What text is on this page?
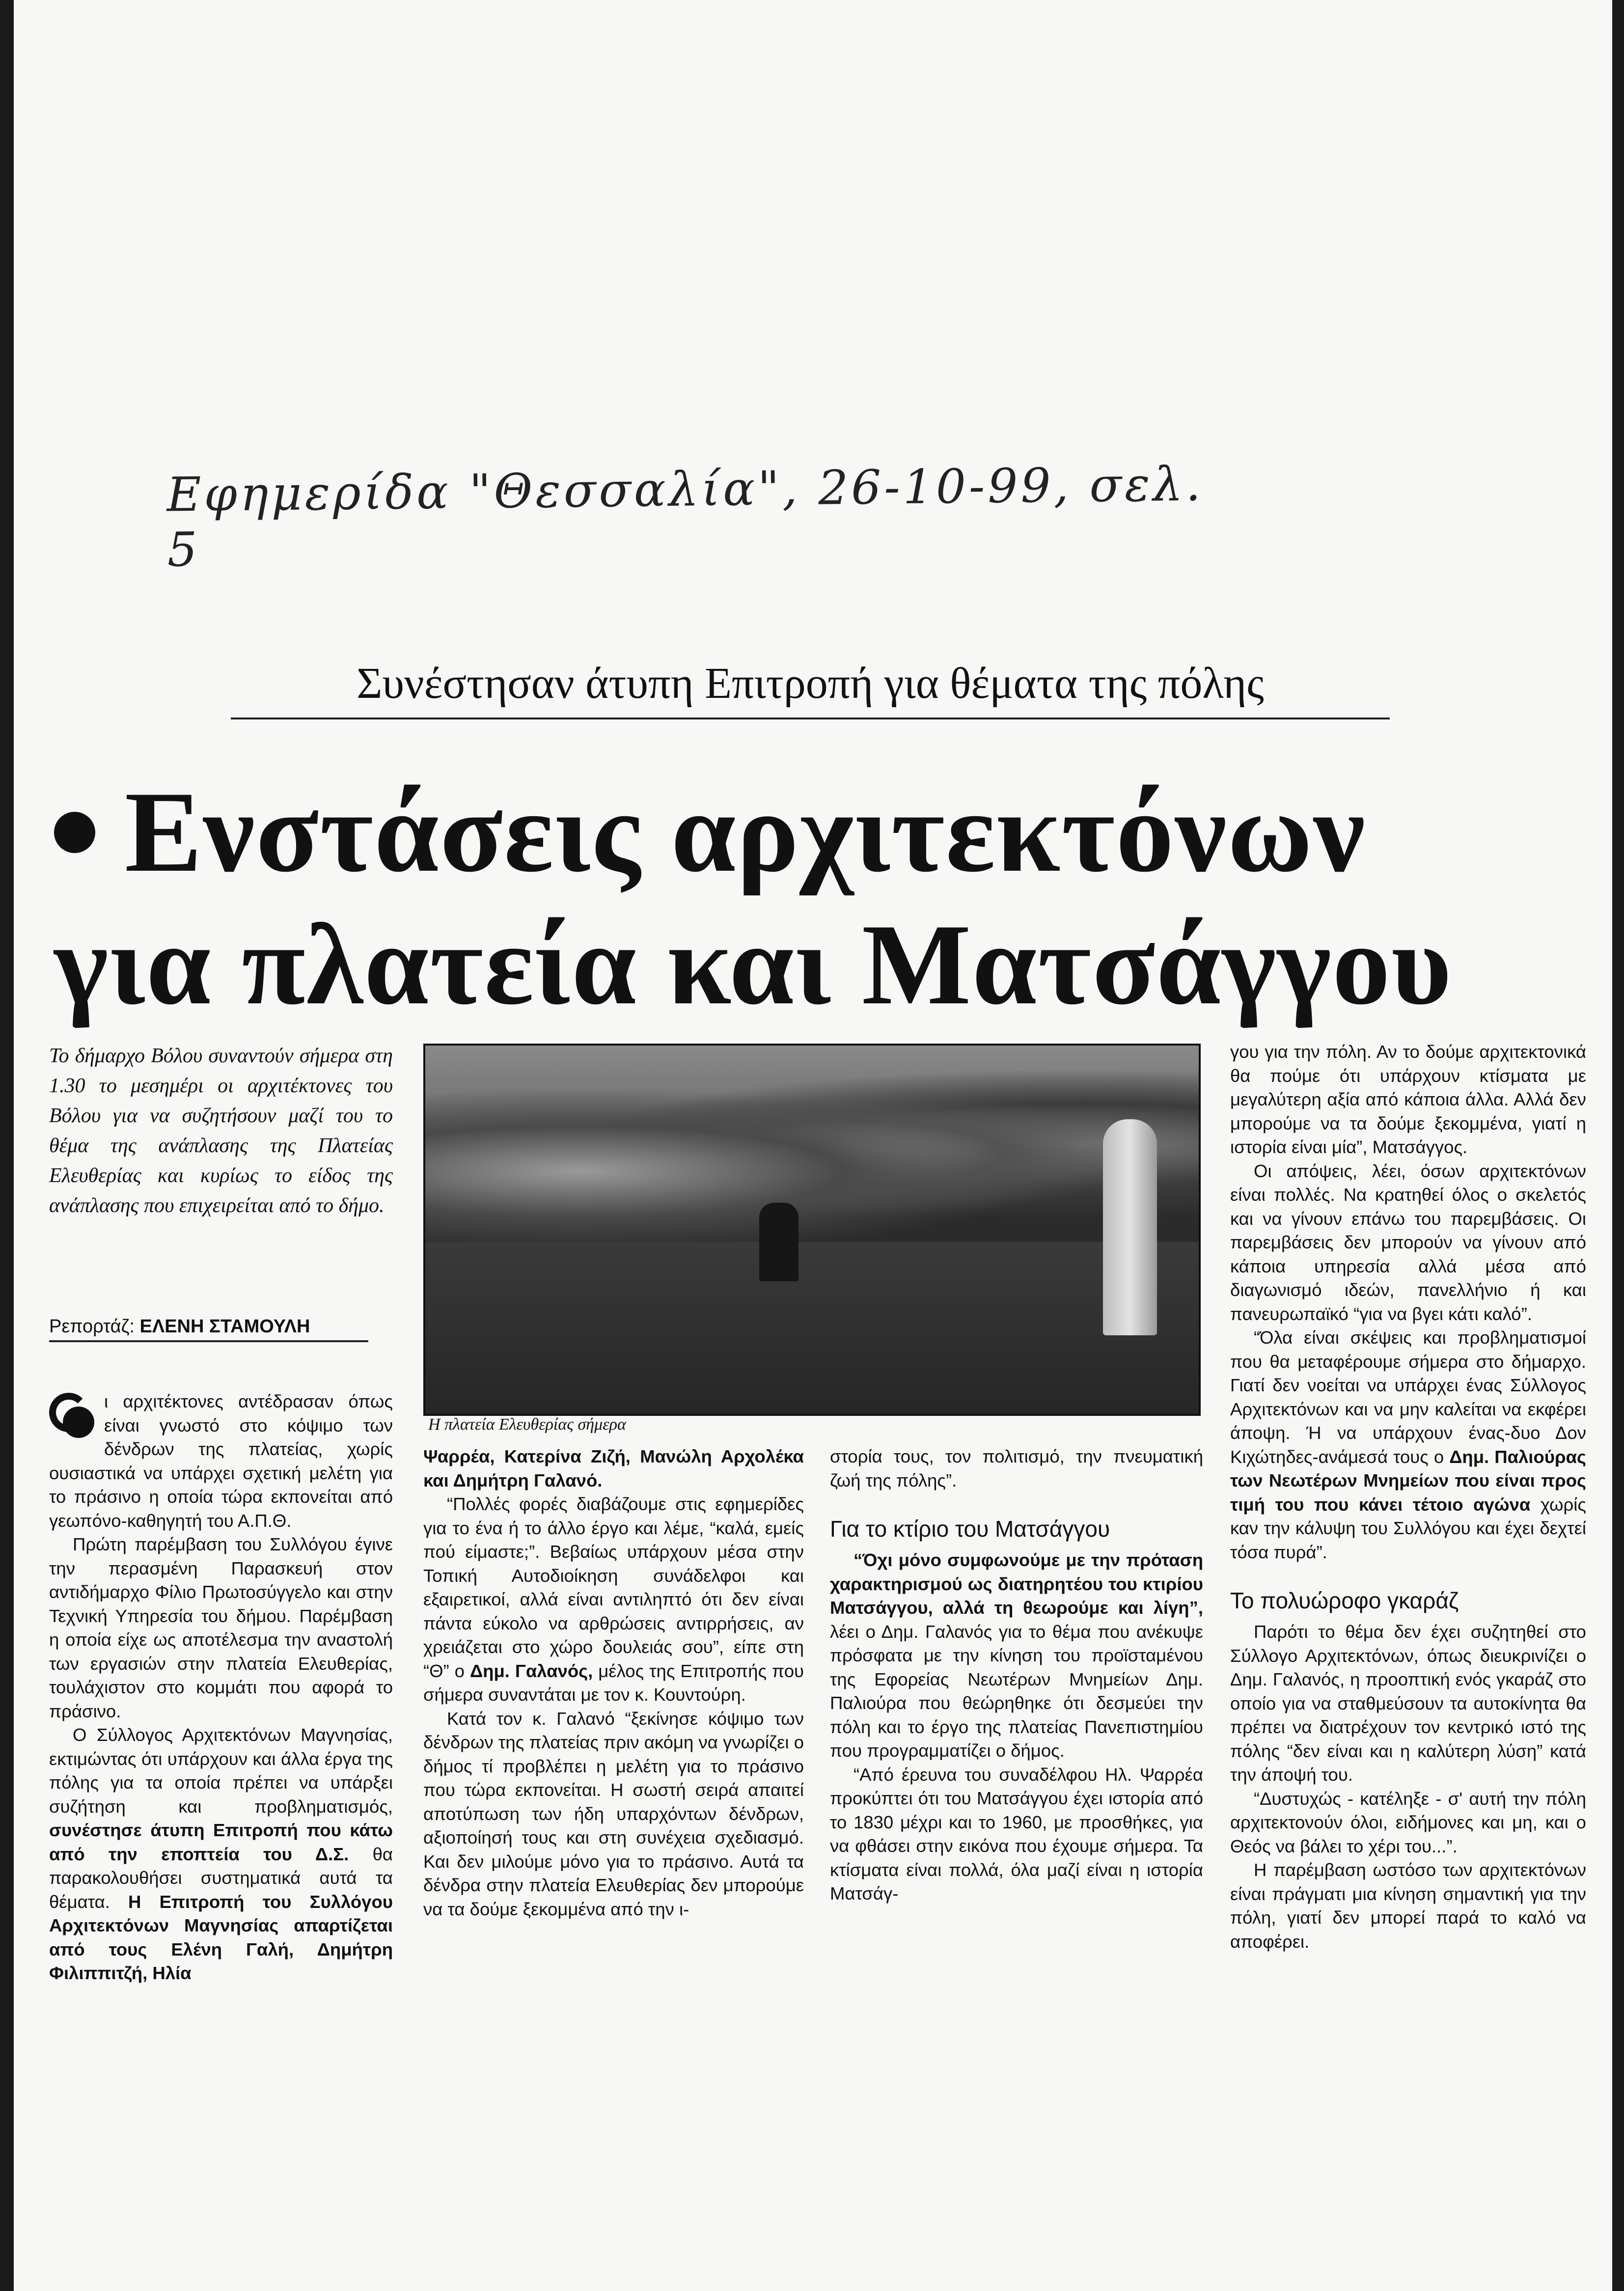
Εφημερίδα "Θεσσαλία", 26-10-99, σελ. 5
Συνέστησαν άτυπη Επιτροπή για θέματα της πόλης
Ενστάσεις αρχιτεκτόνων
για πλατεία και Ματσάγγου
Το δήμαρχο Βόλου συναντούν σήμερα στη 1.30 το μεσημέρι οι αρχιτέκτονες του Βόλου για να συζητήσουν μαζί του το θέμα της ανάπλασης της Πλατείας Ελευθερίας και κυρίως το είδος της ανάπλασης που επιχειρείται από το δήμο.
Ρεπορτάζ: ΕΛΕΝΗ ΣΤΑΜΟΥΛΗ
Η πλατεία Ελευθερίας σήμερα

ι αρχιτέκτονες αντέδρασαν όπως είναι γνωστό στο κόψιμο των δένδρων της πλατείας, χωρίς ουσιαστικά να υπάρχει σχετική μελέτη για το πράσινο η οποία τώρα εκπονείται από γεωπόνο-καθηγητή του Α.Π.Θ.

Πρώτη παρέμβαση του Συλλόγου έγινε την περασμένη Παρασκευή στον αντιδήμαρχο Φίλιο Πρωτοσύγγελο και στην Τεχνική Υπηρεσία του δήμου. Παρέμβαση η οποία είχε ως αποτέλεσμα την αναστολή των εργασιών στην πλατεία Ελευθερίας, τουλάχιστον στο κομμάτι που αφορά το πράσινο.

Ο Σύλλογος Αρχιτεκτόνων Μαγνησίας, εκτιμώντας ότι υπάρχουν και άλλα έργα της πόλης για τα οποία πρέπει να υπάρξει συζήτηση και προβληματισμός, συνέστησε άτυπη Επιτροπή που κάτω από την εποπτεία του Δ.Σ. θα παρακολουθήσει συστηματικά αυτά τα θέματα. Η Επιτροπή του Συλλόγου Αρχιτεκτόνων Μαγνησίας απαρτίζεται από τους Ελένη Γαλή, Δημήτρη Φιλιππιτζή, Ηλία

Ψαρρέα, Κατερίνα Ζιζή, Μανώλη Αρχολέκα και Δημήτρη Γαλανό.

“Πολλές φορές διαβάζουμε στις εφημερίδες για το ένα ή το άλλο έργο και λέμε, “καλά, εμείς πού είμαστε;”. Βεβαίως υπάρχουν μέσα στην Τοπική Αυτοδιοίκηση συνάδελφοι και εξαιρετικοί, αλλά είναι αντιληπτό ότι δεν είναι πάντα εύκολο να αρθρώσεις αντιρρήσεις, αν χρειάζεται στο χώρο δουλειάς σου”, είπε στη “Θ” ο Δημ. Γαλανός, μέλος της Επιτροπής που σήμερα συναντάται με τον κ. Κουντούρη.

Κατά τον κ. Γαλανό “ξεκίνησε κόψιμο των δένδρων της πλατείας πριν ακόμη να γνωρίζει ο δήμος τί προβλέπει η μελέτη για το πράσινο που τώρα εκπονείται. Η σωστή σειρά απαιτεί αποτύπωση των ήδη υπαρχόντων δένδρων, αξιοποίησή τους και στη συνέχεια σχεδιασμό. Και δεν μιλούμε μόνο για το πράσινο. Αυτά τα δένδρα στην πλατεία Ελευθερίας δεν μπορούμε να τα δούμε ξεκομμένα από την ι-

στορία τους, τον πολιτισμό, την πνευματική ζωή της πόλης”.

Για το κτίριο του Ματσάγγου

“Όχι μόνο συμφωνούμε με την πρόταση χαρακτηρισμού ως διατηρητέου του κτιρίου Ματσάγγου, αλλά τη θεωρούμε και λίγη”, λέει ο Δημ. Γαλανός για το θέμα που ανέκυψε πρόσφατα με την κίνηση του προϊσταμένου της Εφορείας Νεωτέρων Μνημείων Δημ. Παλιούρα που θεώρηθηκε ότι δεσμεύει την πόλη και το έργο της πλατείας Πανεπιστημίου που προγραμματίζει ο δήμος.

“Από έρευνα του συναδέλφου Ηλ. Ψαρρέα προκύπτει ότι του Ματσάγγου έχει ιστορία από το 1830 μέχρι και το 1960, με προσθήκες, για να φθάσει στην εικόνα που έχουμε σήμερα. Τα κτίσματα είναι πολλά, όλα μαζί είναι η ιστορία Ματσάγ-

γου για την πόλη. Αν το δούμε αρχιτεκτονικά θα πούμε ότι υπάρχουν κτίσματα με μεγαλύτερη αξία από κάποια άλλα. Αλλά δεν μπορούμε να τα δούμε ξεκομμένα, γιατί η ιστορία είναι μία”, Ματσάγγος.

Οι απόψεις, λέει, όσων αρχιτεκτόνων είναι πολλές. Να κρατηθεί όλος ο σκελετός και να γίνουν επάνω του παρεμβάσεις. Οι παρεμβάσεις δεν μπορούν να γίνουν από κάποια υπηρεσία αλλά μέσα από διαγωνισμό ιδεών, πανελλήνιο ή και πανευρωπαϊκό “για να βγει κάτι καλό”.

“Όλα είναι σκέψεις και προβληματισμοί που θα μεταφέρουμε σήμερα στο δήμαρχο. Γιατί δεν νοείται να υπάρχει ένας Σύλλογος Αρχιτεκτόνων και να μην καλείται να εκφέρει άποψη. Ή να υπάρχουν ένας-δυο Δον Κιχώτηδες-ανάμεσά τους ο Δημ. Παλιούρας των Νεωτέρων Μνημείων που είναι προς τιμή του που κάνει τέτοιο αγώνα χωρίς καν την κάλυψη του Συλλόγου και έχει δεχτεί τόσα πυρά”.

Το πολυώροφο γκαράζ

Παρότι το θέμα δεν έχει συζητηθεί στο Σύλλογο Αρχιτεκτόνων, όπως διευκρινίζει ο Δημ. Γαλανός, η προοπτική ενός γκαράζ στο οποίο για να σταθμεύσουν τα αυτοκίνητα θα πρέπει να διατρέχουν τον κεντρικό ιστό της πόλης “δεν είναι και η καλύτερη λύση” κατά την άποψή του.

“Δυστυχώς - κατέληξε - σ' αυτή την πόλη αρχιτεκτονούν όλοι, ειδήμονες και μη, και ο Θεός να βάλει το χέρι του...”.

Η παρέμβαση ωστόσο των αρχιτεκτόνων είναι πράγματι μια κίνηση σημαντική για την πόλη, γιατί δεν μπορεί παρά το καλό να αποφέρει.
